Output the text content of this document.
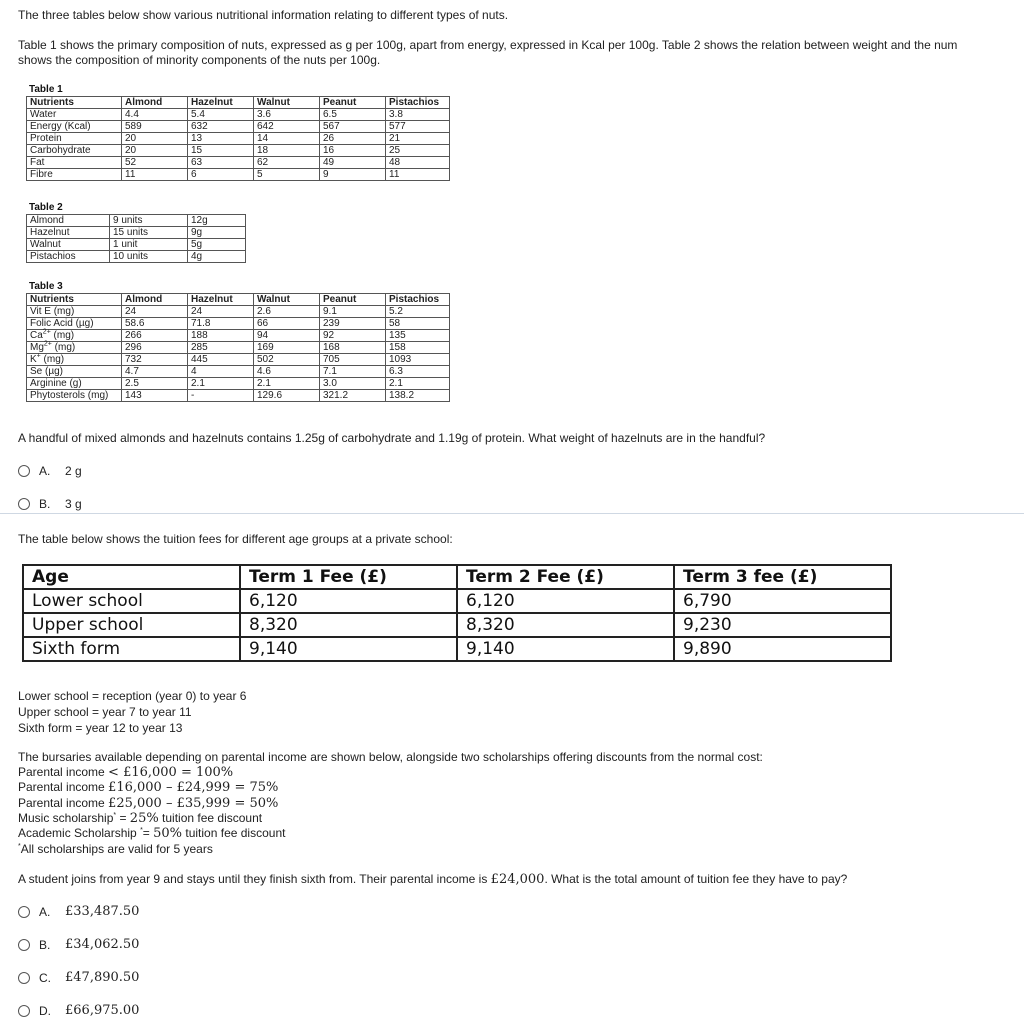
The three tables below show various nutritional information relating to different types of nuts.
Table 1 shows the primary composition of nuts, expressed as g per 100g, apart from energy, expressed in Kcal per 100g. Table 2 shows the relation between weight and the num
shows the composition of minority components of the nuts per 100g.
Table 1
Nutrients	Almond	Hazelnut	Walnut	Peanut	Pistachios
Water	4.4	5.4	3.6	6.5	3.8
Energy (Kcal)	589	632	642	567	577
Protein	20	13	14	26	21
Carbohydrate	20	15	18	16	25
Fat	52	63	62	49	48
Fibre	11	6	5	9	11
Table 2
Almond	9 units	12g
Hazelnut	15 units	9g
Walnut	1 unit	5g
Pistachios	10 units	4g
Table 3
Nutrients	Almond	Hazelnut	Walnut	Peanut	Pistachios
Vit E (mg)	24	24	2.6	9.1	5.2
Folic Acid (µg)	58.6	71.8	66	239	58
$Ca^{2+}$ (mg)	266	188	94	92	135
$Mg^{2+}$ (mg)	296	285	169	168	158
K+ (mg)	732	445	502	705	1093
Se (µg)	4.7	4	4.6	7.1	6.3
Arginine (g)	2.5	2.1	2.1	3.0	2.1
Phytosterols (mg)	143	-	129.6	321.2	138.2
A handful of mixed almonds and hazelnuts contains 1.25g of carbohydrate and 1.19g of protein. What weight of hazelnuts are in the handful?
A.	2 g
B.	3 g
The table below shows the tuition fees for different age groups at a private school:
Age	Term 1 Fee (£)	Term 2 Fee (£)	Term 3 fee (£)
Lower school	6,120	6,120	6,790
Upper school	8,320	8,320	9,230
Sixth form	9,140	9,140	9,890
Lower school = reception (year 0) to year 6
Upper school = year 7 to year 11
Sixth form = year 12 to year 13
The bursaries available depending on parental income are shown below, alongside two scholarships offering discounts from the normal cost:
Parental income < £16,000 = 100%
Parental income £16,000 – £24,999 = 75%
Parental income £25,000 – £35,999 = 50%
Music scholarship* = 25% tuition fee discount
Academic Scholarship *= 50% tuition fee discount
*All scholarships are valid for 5 years
A student joins from year 9 and stays until they finish sixth from. Their parental income is £24,000. What is the total amount of tuition fee they have to pay?
A.	£33,487.50
B.	£34,062.50
C.	£47,890.50
D.	£66,975.00
